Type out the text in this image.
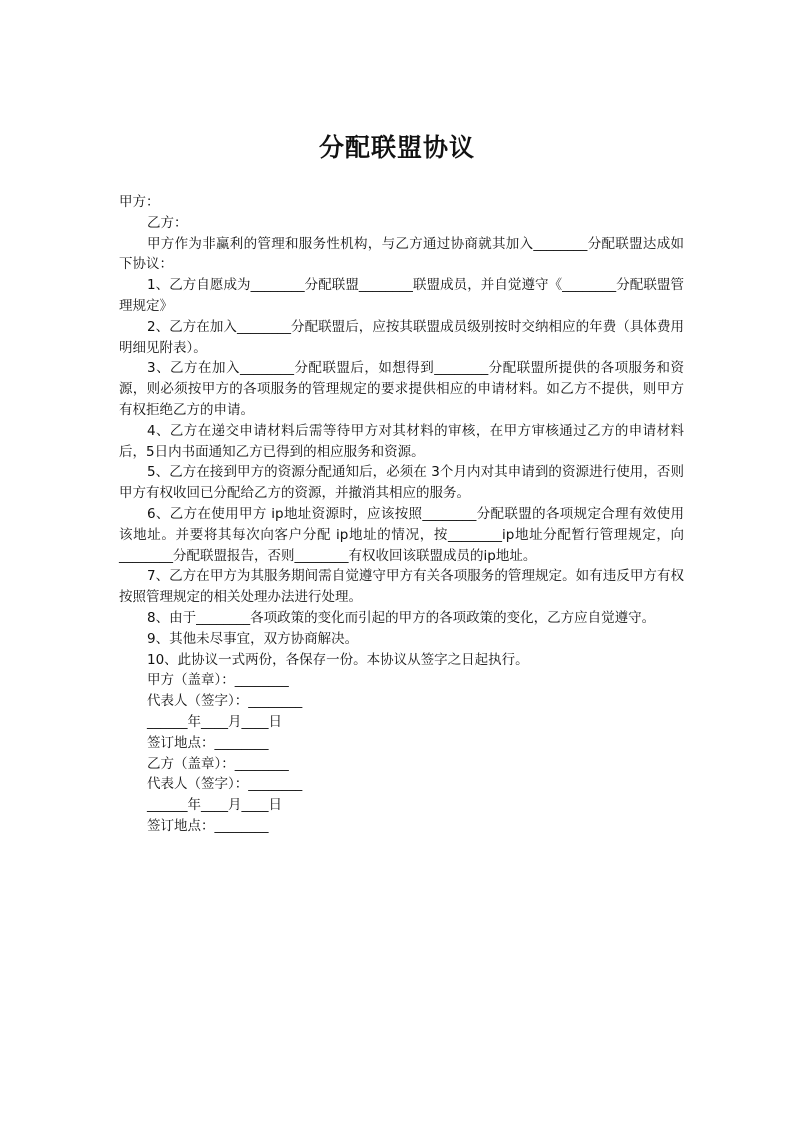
分配联盟协议

甲方：

乙方：

甲方作为非赢利的管理和服务性机构，与乙方通过协商就其加入________分配联盟达成如下协议：

1、乙方自愿成为________分配联盟________联盟成员，并自觉遵守《________分配联盟管理规定》

2、乙方在加入________分配联盟后，应按其联盟成员级别按时交纳相应的年费（具体费用明细见附表）。

3、乙方在加入________分配联盟后，如想得到________分配联盟所提供的各项服务和资源，则必须按甲方的各项服务的管理规定的要求提供相应的申请材料。如乙方不提供，则甲方有权拒绝乙方的申请。

4、乙方在递交申请材料后需等待甲方对其材料的审核，在甲方审核通过乙方的申请材料后，5日内书面通知乙方已得到的相应服务和资源。

5、乙方在接到甲方的资源分配通知后，必须在 3个月内对其申请到的资源进行使用，否则甲方有权收回已分配给乙方的资源，并撤消其相应的服务。

6、乙方在使用甲方 ip地址资源时，应该按照________分配联盟的各项规定合理有效使用该地址。并要将其每次向客户分配 ip地址的情况，按________ip地址分配暂行管理规定，向________分配联盟报告，否则________有权收回该联盟成员的ip地址。

7、乙方在甲方为其服务期间需自觉遵守甲方有关各项服务的管理规定。如有违反甲方有权按照管理规定的相关处理办法进行处理。

8、由于________各项政策的变化而引起的甲方的各项政策的变化，乙方应自觉遵守。

9、其他未尽事宜，双方协商解决。

10、此协议一式两份，各保存一份。本协议从签字之日起执行。

甲方（盖章）：________

代表人（签字）：________

______年____月____日

签订地点：________

乙方（盖章）：________

代表人（签字）：________

______年____月____日

签订地点：________
